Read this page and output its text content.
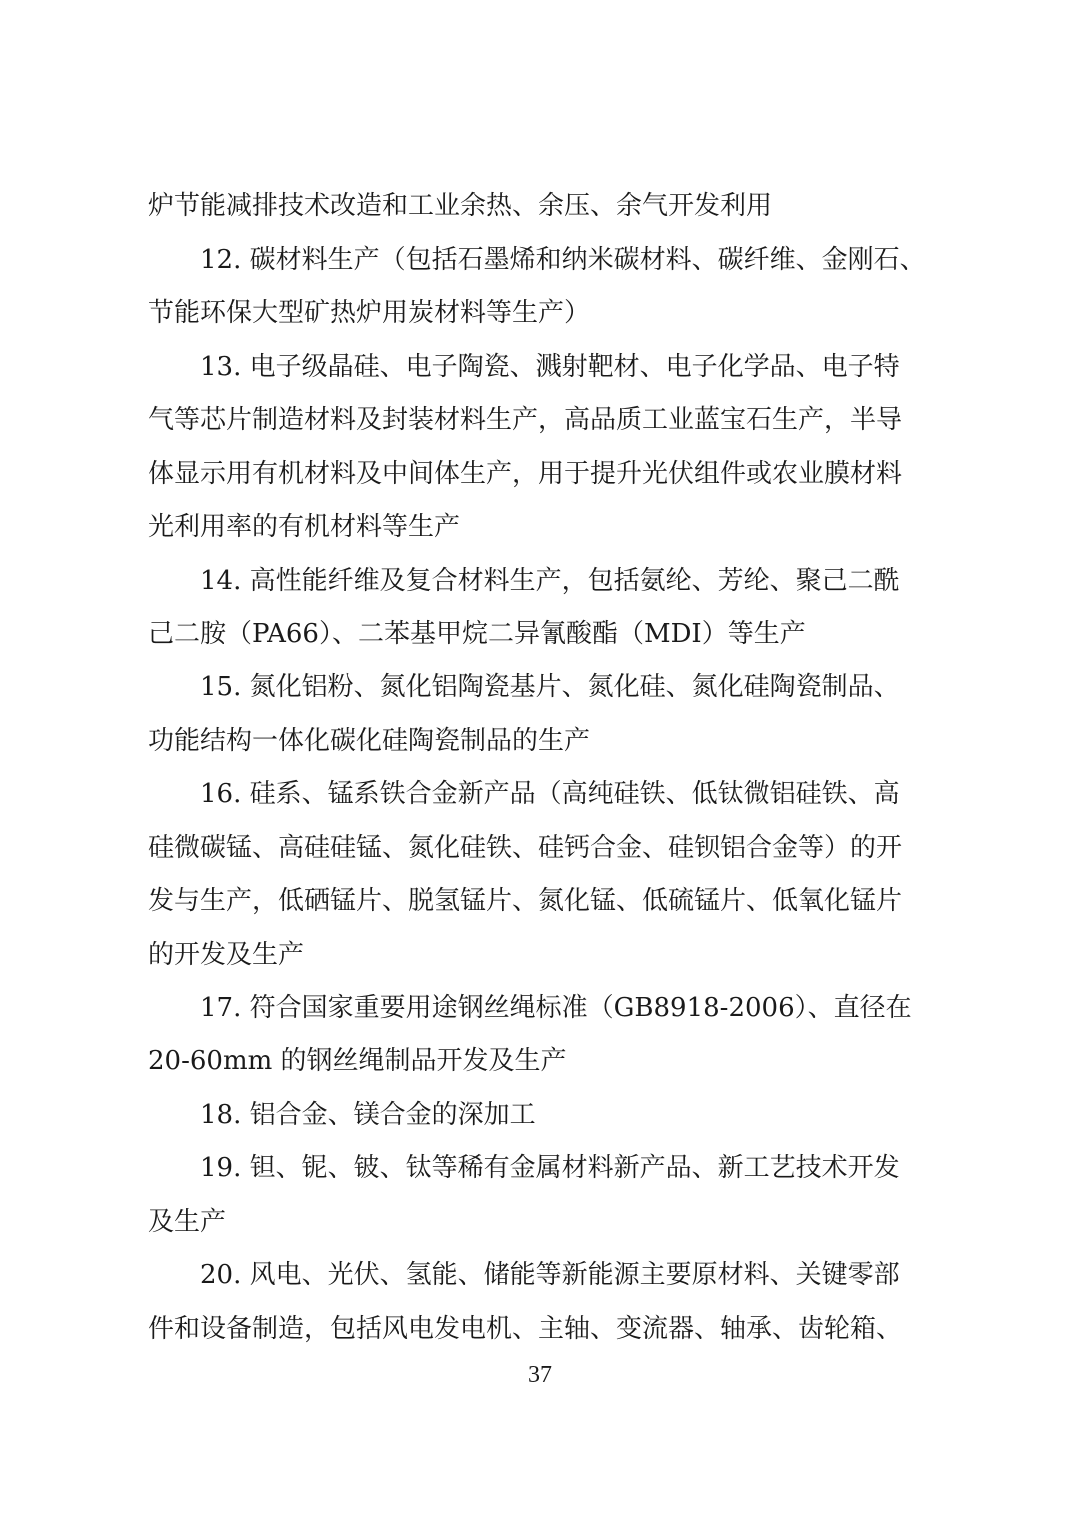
炉节能减排技术改造和工业余热、余压、余气开发利用
12. 碳材料生产（包括石墨烯和纳米碳材料、碳纤维、金刚石、
节能环保大型矿热炉用炭材料等生产）
13. 电子级晶硅、电子陶瓷、溅射靶材、电子化学品、电子特
气等芯片制造材料及封装材料生产，高品质工业蓝宝石生产，半导
体显示用有机材料及中间体生产，用于提升光伏组件或农业膜材料
光利用率的有机材料等生产
14. 高性能纤维及复合材料生产，包括氨纶、芳纶、聚己二酰
己二胺（PA66）、二苯基甲烷二异氰酸酯（MDI）等生产
15. 氮化铝粉、氮化铝陶瓷基片、氮化硅、氮化硅陶瓷制品、
功能结构一体化碳化硅陶瓷制品的生产
16. 硅系、锰系铁合金新产品（高纯硅铁、低钛微铝硅铁、高
硅微碳锰、高硅硅锰、氮化硅铁、硅钙合金、硅钡铝合金等）的开
发与生产，低硒锰片、脱氢锰片、氮化锰、低硫锰片、低氧化锰片
的开发及生产
17. 符合国家重要用途钢丝绳标准（GB8918-2006）、直径在
20-60mm 的钢丝绳制品开发及生产
18. 铝合金、镁合金的深加工
19. 钽、铌、铍、钛等稀有金属材料新产品、新工艺技术开发
及生产
20. 风电、光伏、氢能、储能等新能源主要原材料、关键零部
件和设备制造，包括风电发电机、主轴、变流器、轴承、齿轮箱、
37
